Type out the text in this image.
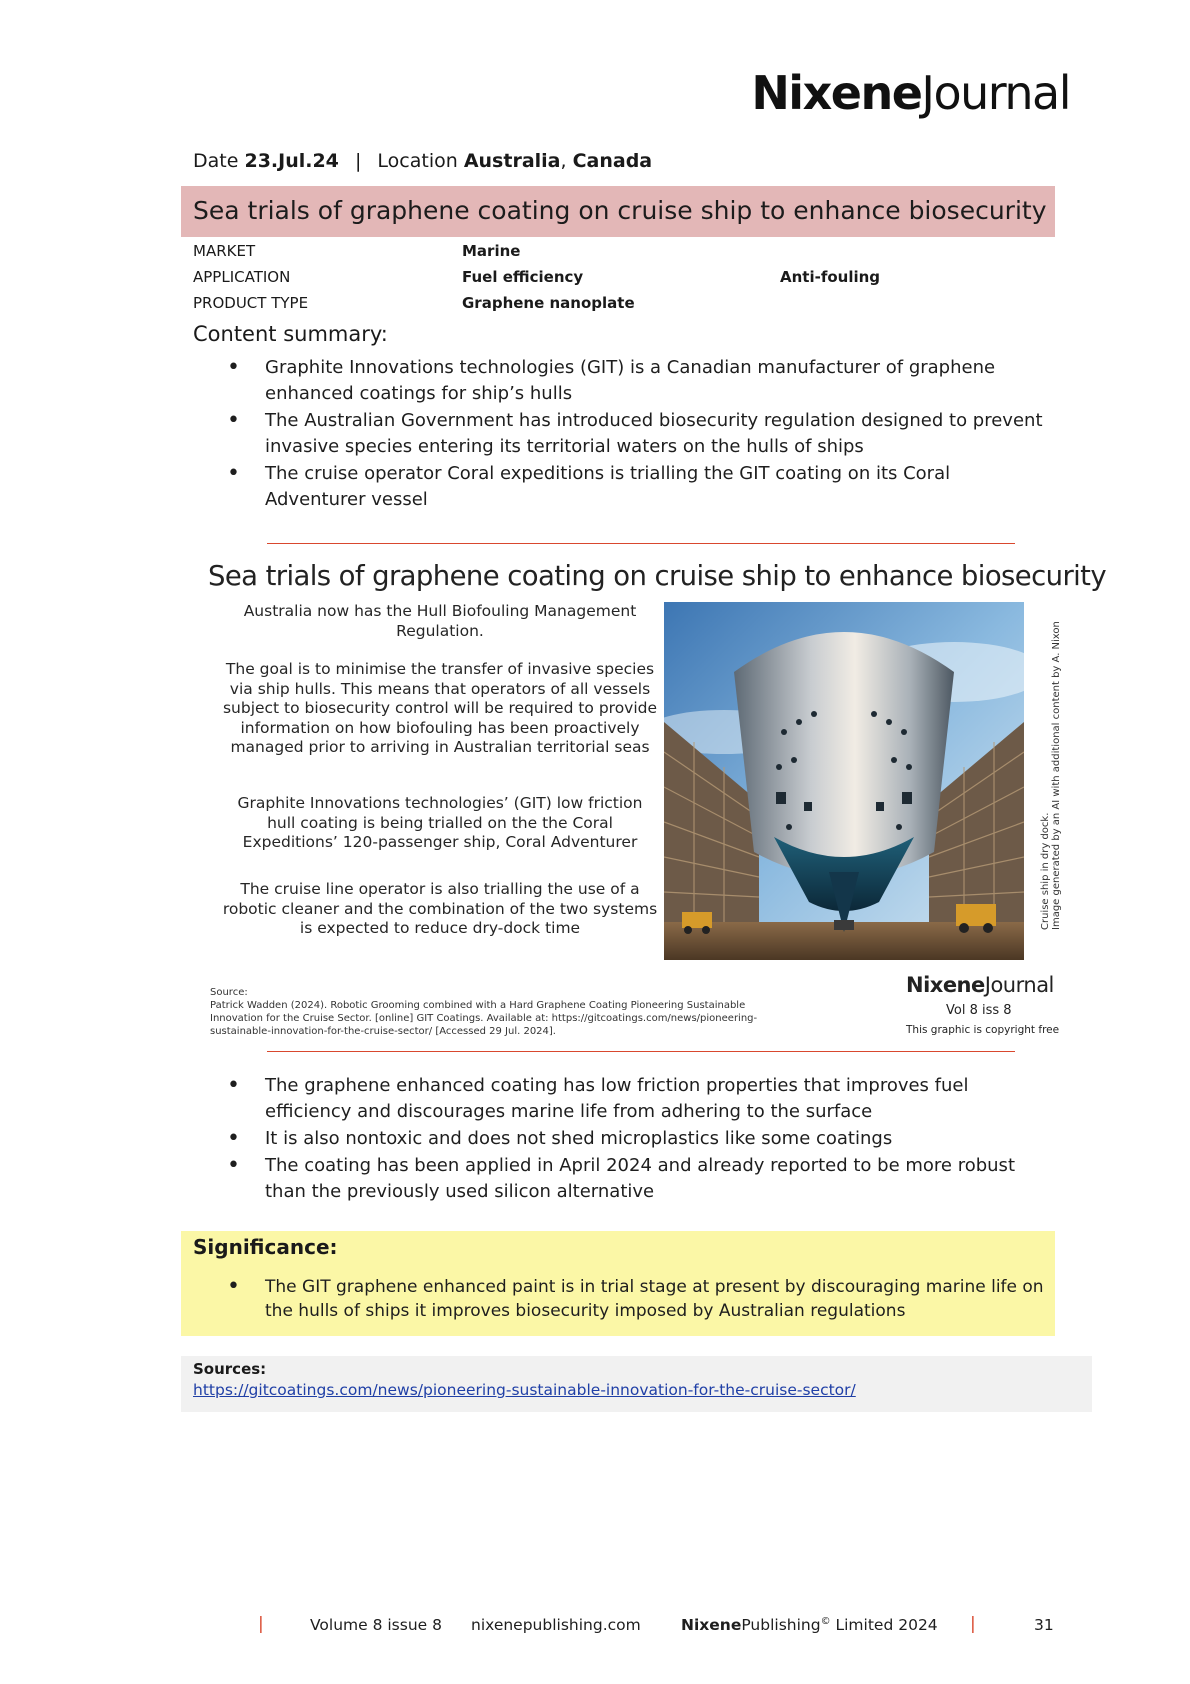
NixeneJournal
Date 23.Jul.24 | Location Australia, Canada
Sea trials of graphene coating on cruise ship to enhance biosecurity
MARKET	Marine
APPLICATION	Fuel efficiency	Anti-fouling
PRODUCT TYPE	Graphene nanoplate
Content summary:
• Graphite Innovations technologies (GIT) is a Canadian manufacturer of graphene enhanced coatings for ship’s hulls
• The Australian Government has introduced biosecurity regulation designed to prevent invasive species entering its territorial waters on the hulls of ships
• The cruise operator Coral expeditions is trialling the GIT coating on its Coral Adventurer vessel
Sea trials of graphene coating on cruise ship to enhance biosecurity
Australia now has the Hull Biofouling Management Regulation.
The goal is to minimise the transfer of invasive species via ship hulls. This means that operators of all vessels subject to biosecurity control will be required to provide information on how biofouling has been proactively managed prior to arriving in Australian territorial seas
Graphite Innovations technologies’ (GIT) low friction hull coating is being trialled on the the Coral Expeditions’ 120-passenger ship, Coral Adventurer
The cruise line operator is also trialling the use of a robotic cleaner and the combination of the two systems is expected to reduce dry-dock time	Cruise ship in dry dock. Image generated by an AI with additional content by A. Nixon
Source:
Patrick Wadden (2024). Robotic Grooming combined with a Hard Graphene Coating Pioneering Sustainable Innovation for the Cruise Sector. [online] GIT Coatings. Available at: https://gitcoatings.com/news/pioneering-sustainable-innovation-for-the-cruise-sector/ [Accessed 29 Jul. 2024].
NixeneJournal
Vol 8 iss 8
This graphic is copyright free
• The graphene enhanced coating has low friction properties that improves fuel efficiency and discourages marine life from adhering to the surface
• It is also nontoxic and does not shed microplastics like some coatings
• The coating has been applied in April 2024 and already reported to be more robust than the previously used silicon alternative
Significance:
• The GIT graphene enhanced paint is in trial stage at present by discouraging marine life on the hulls of ships it improves biosecurity imposed by Australian regulations
Sources:
https://gitcoatings.com/news/pioneering-sustainable-innovation-for-the-cruise-sector/
|	Volume 8 issue 8 nixenepublishing.com	NixenePublishing© Limited 2024 |	31
